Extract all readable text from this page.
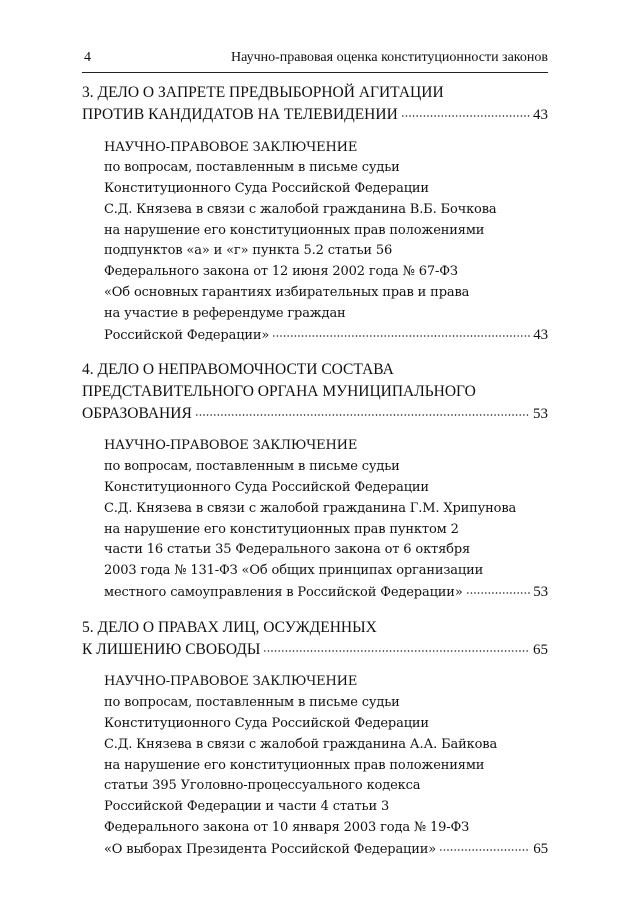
4	Научно-правовая оценка конституционности законов
3. ДЕЛО О ЗАПРЕТЕ ПРЕДВЫБОРНОЙ АГИТАЦИИ
ПРОТИВ КАНДИДАТОВ НА ТЕЛЕВИДЕНИИ	43
НАУЧНО-ПРАВОВОЕ ЗАКЛЮЧЕНИЕ
по вопросам, поставленным в письме судьи
Конституционного Суда Российской Федерации
С.Д. Князева в связи с жалобой гражданина В.Б. Бочкова
на нарушение его конституционных прав положениями
подпунктов «а» и «г» пункта 5.2 статьи 56
Федерального закона от 12 июня 2002 года № 67-ФЗ
«Об основных гарантиях избирательных прав и права
на участие в референдуме граждан
Российской Федерации»	43
4. ДЕЛО О НЕПРАВОМОЧНОСТИ СОСТАВА
ПРЕДСТАВИТЕЛЬНОГО ОРГАНА МУНИЦИПАЛЬНОГО
ОБРАЗОВАНИЯ	53
НАУЧНО-ПРАВОВОЕ ЗАКЛЮЧЕНИЕ
по вопросам, поставленным в письме судьи
Конституционного Суда Российской Федерации
С.Д. Князева в связи с жалобой гражданина Г.М. Хрипунова
на нарушение его конституционных прав пунктом 2
части 16 статьи 35 Федерального закона от 6 октября
2003 года № 131-ФЗ «Об общих принципах организации
местного самоуправления в Российской Федерации»	53
5. ДЕЛО О ПРАВАХ ЛИЦ, ОСУЖДЕННЫХ
К ЛИШЕНИЮ СВОБОДЫ	65
НАУЧНО-ПРАВОВОЕ ЗАКЛЮЧЕНИЕ
по вопросам, поставленным в письме судьи
Конституционного Суда Российской Федерации
С.Д. Князева в связи с жалобой гражданина А.А. Байкова
на нарушение его конституционных прав положениями
статьи 395 Уголовно-процессуального кодекса
Российской Федерации и части 4 статьи 3
Федерального закона от 10 января 2003 года № 19-ФЗ
«О выборах Президента Российской Федерации»	65
